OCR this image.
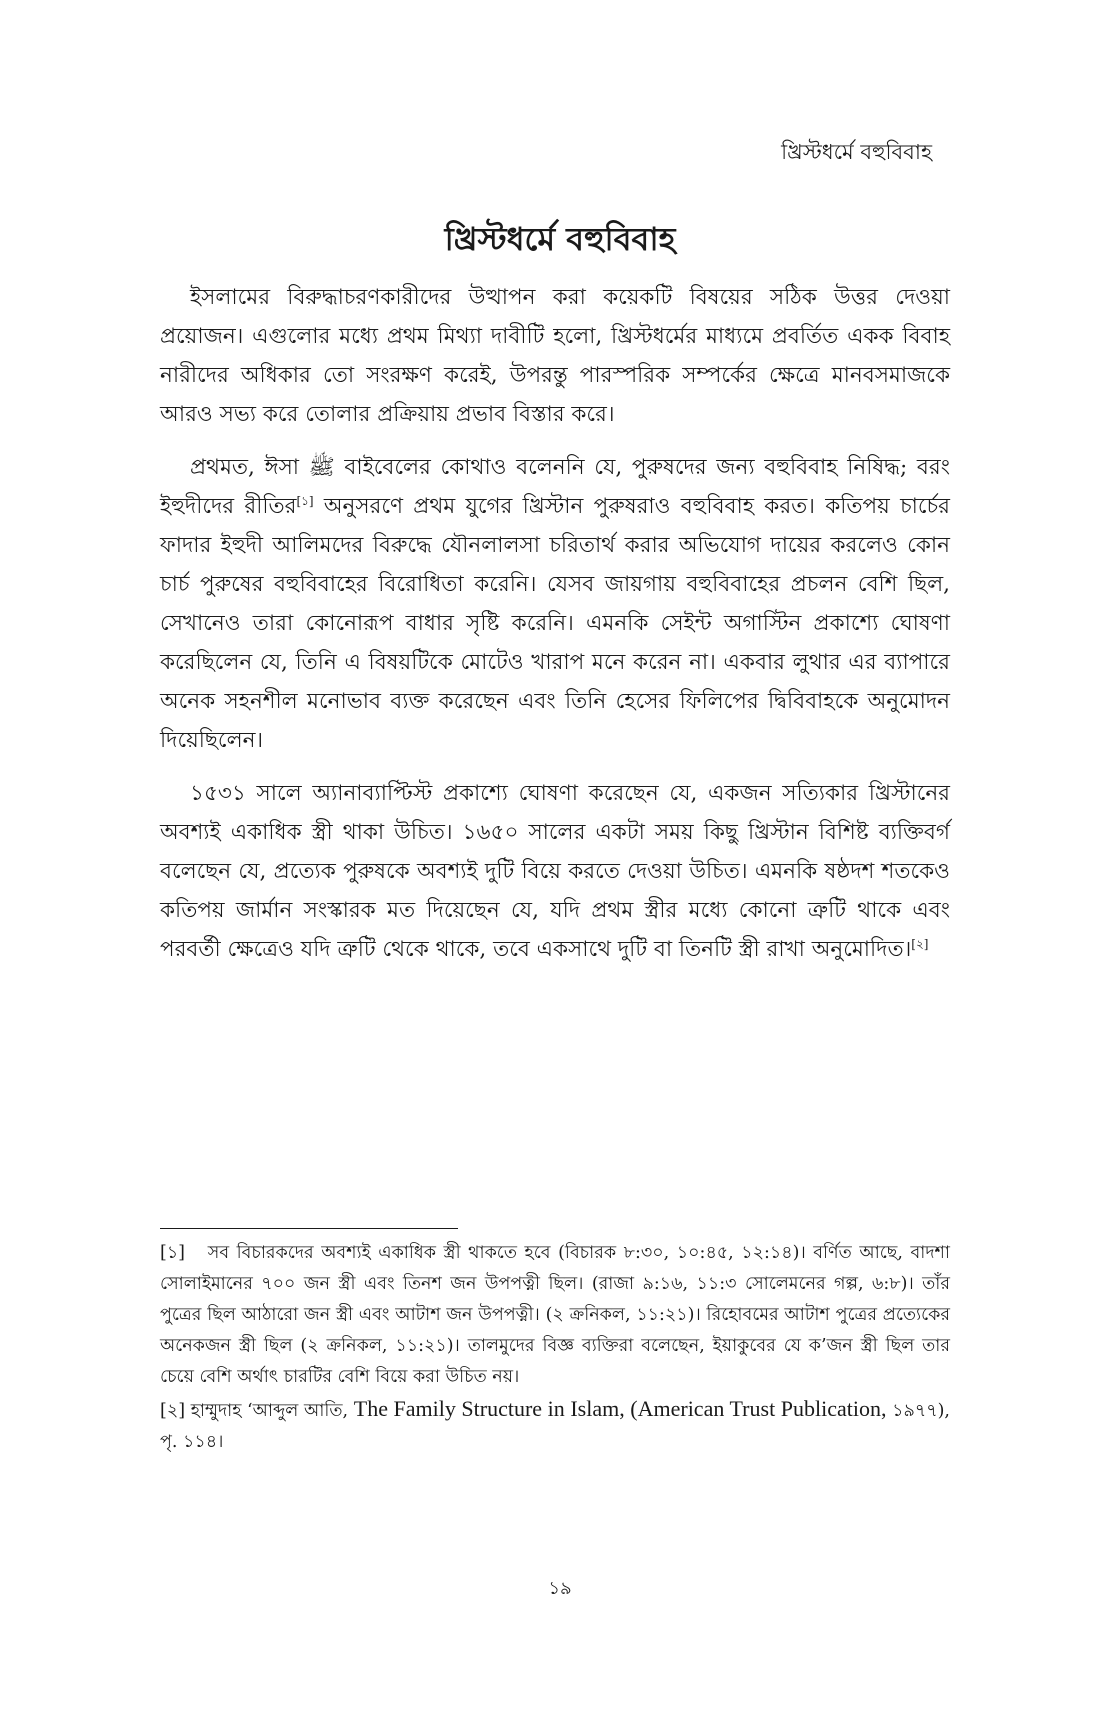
খ্রিস্টধর্মে বহুবিবাহ

খ্রিস্টধর্মে বহুবিবাহ

ইসলামের বিরুদ্ধাচরণকারীদের উত্থাপন করা কয়েকটি বিষয়ের সঠিক উত্তর দেওয়া প্রয়োজন। এগুলোর মধ্যে প্রথম মিথ্যা দাবীটি হলো, খ্রিস্টধর্মের মাধ্যমে প্রবর্তিত একক বিবাহ নারীদের অধিকার তো সংরক্ষণ করেই, উপরন্তু পারস্পরিক সম্পর্কের ক্ষেত্রে মানবসমাজকে আরও সভ্য করে তোলার প্রক্রিয়ায় প্রভাব বিস্তার করে।

প্রথমত, ঈসা ﷺ বাইবেলের কোথাও বলেননি যে, পুরুষদের জন্য বহুবিবাহ নিষিদ্ধ; বরং ইহুদীদের রীতির[১] অনুসরণে প্রথম যুগের খ্রিস্টান পুরুষরাও বহুবিবাহ করত। কতিপয় চার্চের ফাদার ইহুদী আলিমদের বিরুদ্ধে যৌনলালসা চরিতার্থ করার অভিযোগ দায়ের করলেও কোন চার্চ পুরুষের বহুবিবাহের বিরোধিতা করেনি। যেসব জায়গায় বহুবিবাহের প্রচলন বেশি ছিল, সেখানেও তারা কোনোরূপ বাধার সৃষ্টি করেনি। এমনকি সেইন্ট অগাস্টিন প্রকাশ্যে ঘোষণা করেছিলেন যে, তিনি এ বিষয়টিকে মোটেও খারাপ মনে করেন না। একবার লুথার এর ব্যাপারে অনেক সহনশীল মনোভাব ব্যক্ত করেছেন এবং তিনি হেসের ফিলিপের দ্বিবিবাহকে অনুমোদন দিয়েছিলেন।

১৫৩১ সালে অ্যানাব্যাপ্টিস্ট প্রকাশ্যে ঘোষণা করেছেন যে, একজন সত্যিকার খ্রিস্টানের অবশ্যই একাধিক স্ত্রী থাকা উচিত। ১৬৫০ সালের একটা সময় কিছু খ্রিস্টান বিশিষ্ট ব্যক্তিবর্গ বলেছেন যে, প্রত্যেক পুরুষকে অবশ্যই দুটি বিয়ে করতে দেওয়া উচিত। এমনকি ষষ্ঠদশ শতকেও কতিপয় জার্মান সংস্কারক মত দিয়েছেন যে, যদি প্রথম স্ত্রীর মধ্যে কোনো ত্রুটি থাকে এবং পরবর্তী ক্ষেত্রেও যদি ত্রুটি থেকে থাকে, তবে একসাথে দুটি বা তিনটি স্ত্রী রাখা অনুমোদিত।[২]

[১] সব বিচারকদের অবশ্যই একাধিক স্ত্রী থাকতে হবে (বিচারক ৮:৩০, ১০:৪৫, ১২:১৪)। বর্ণিত আছে, বাদশা সোলাইমানের ৭০০ জন স্ত্রী এবং তিনশ জন উপপত্নী ছিল। (রাজা ৯:১৬, ১১:৩ সোলেমনের গল্প, ৬:৮)। তাঁর পুত্রের ছিল আঠারো জন স্ত্রী এবং আটাশ জন উপপত্নী। (২ ক্রনিকল, ১১:২১)। রিহোবমের আটাশ পুত্রের প্রত্যেকের অনেকজন স্ত্রী ছিল (২ ক্রনিকল, ১১:২১)। তালমুদের বিজ্ঞ ব্যক্তিরা বলেছেন, ইয়াকুবের যে ক’জন স্ত্রী ছিল তার চেয়ে বেশি অর্থাৎ চারটির বেশি বিয়ে করা উচিত নয়।

[২] হাম্মুদাহ ‘আব্দুল আতি, The Family Structure in Islam, (American Trust Publication, ১৯৭৭), পৃ. ১১৪।

১৯
